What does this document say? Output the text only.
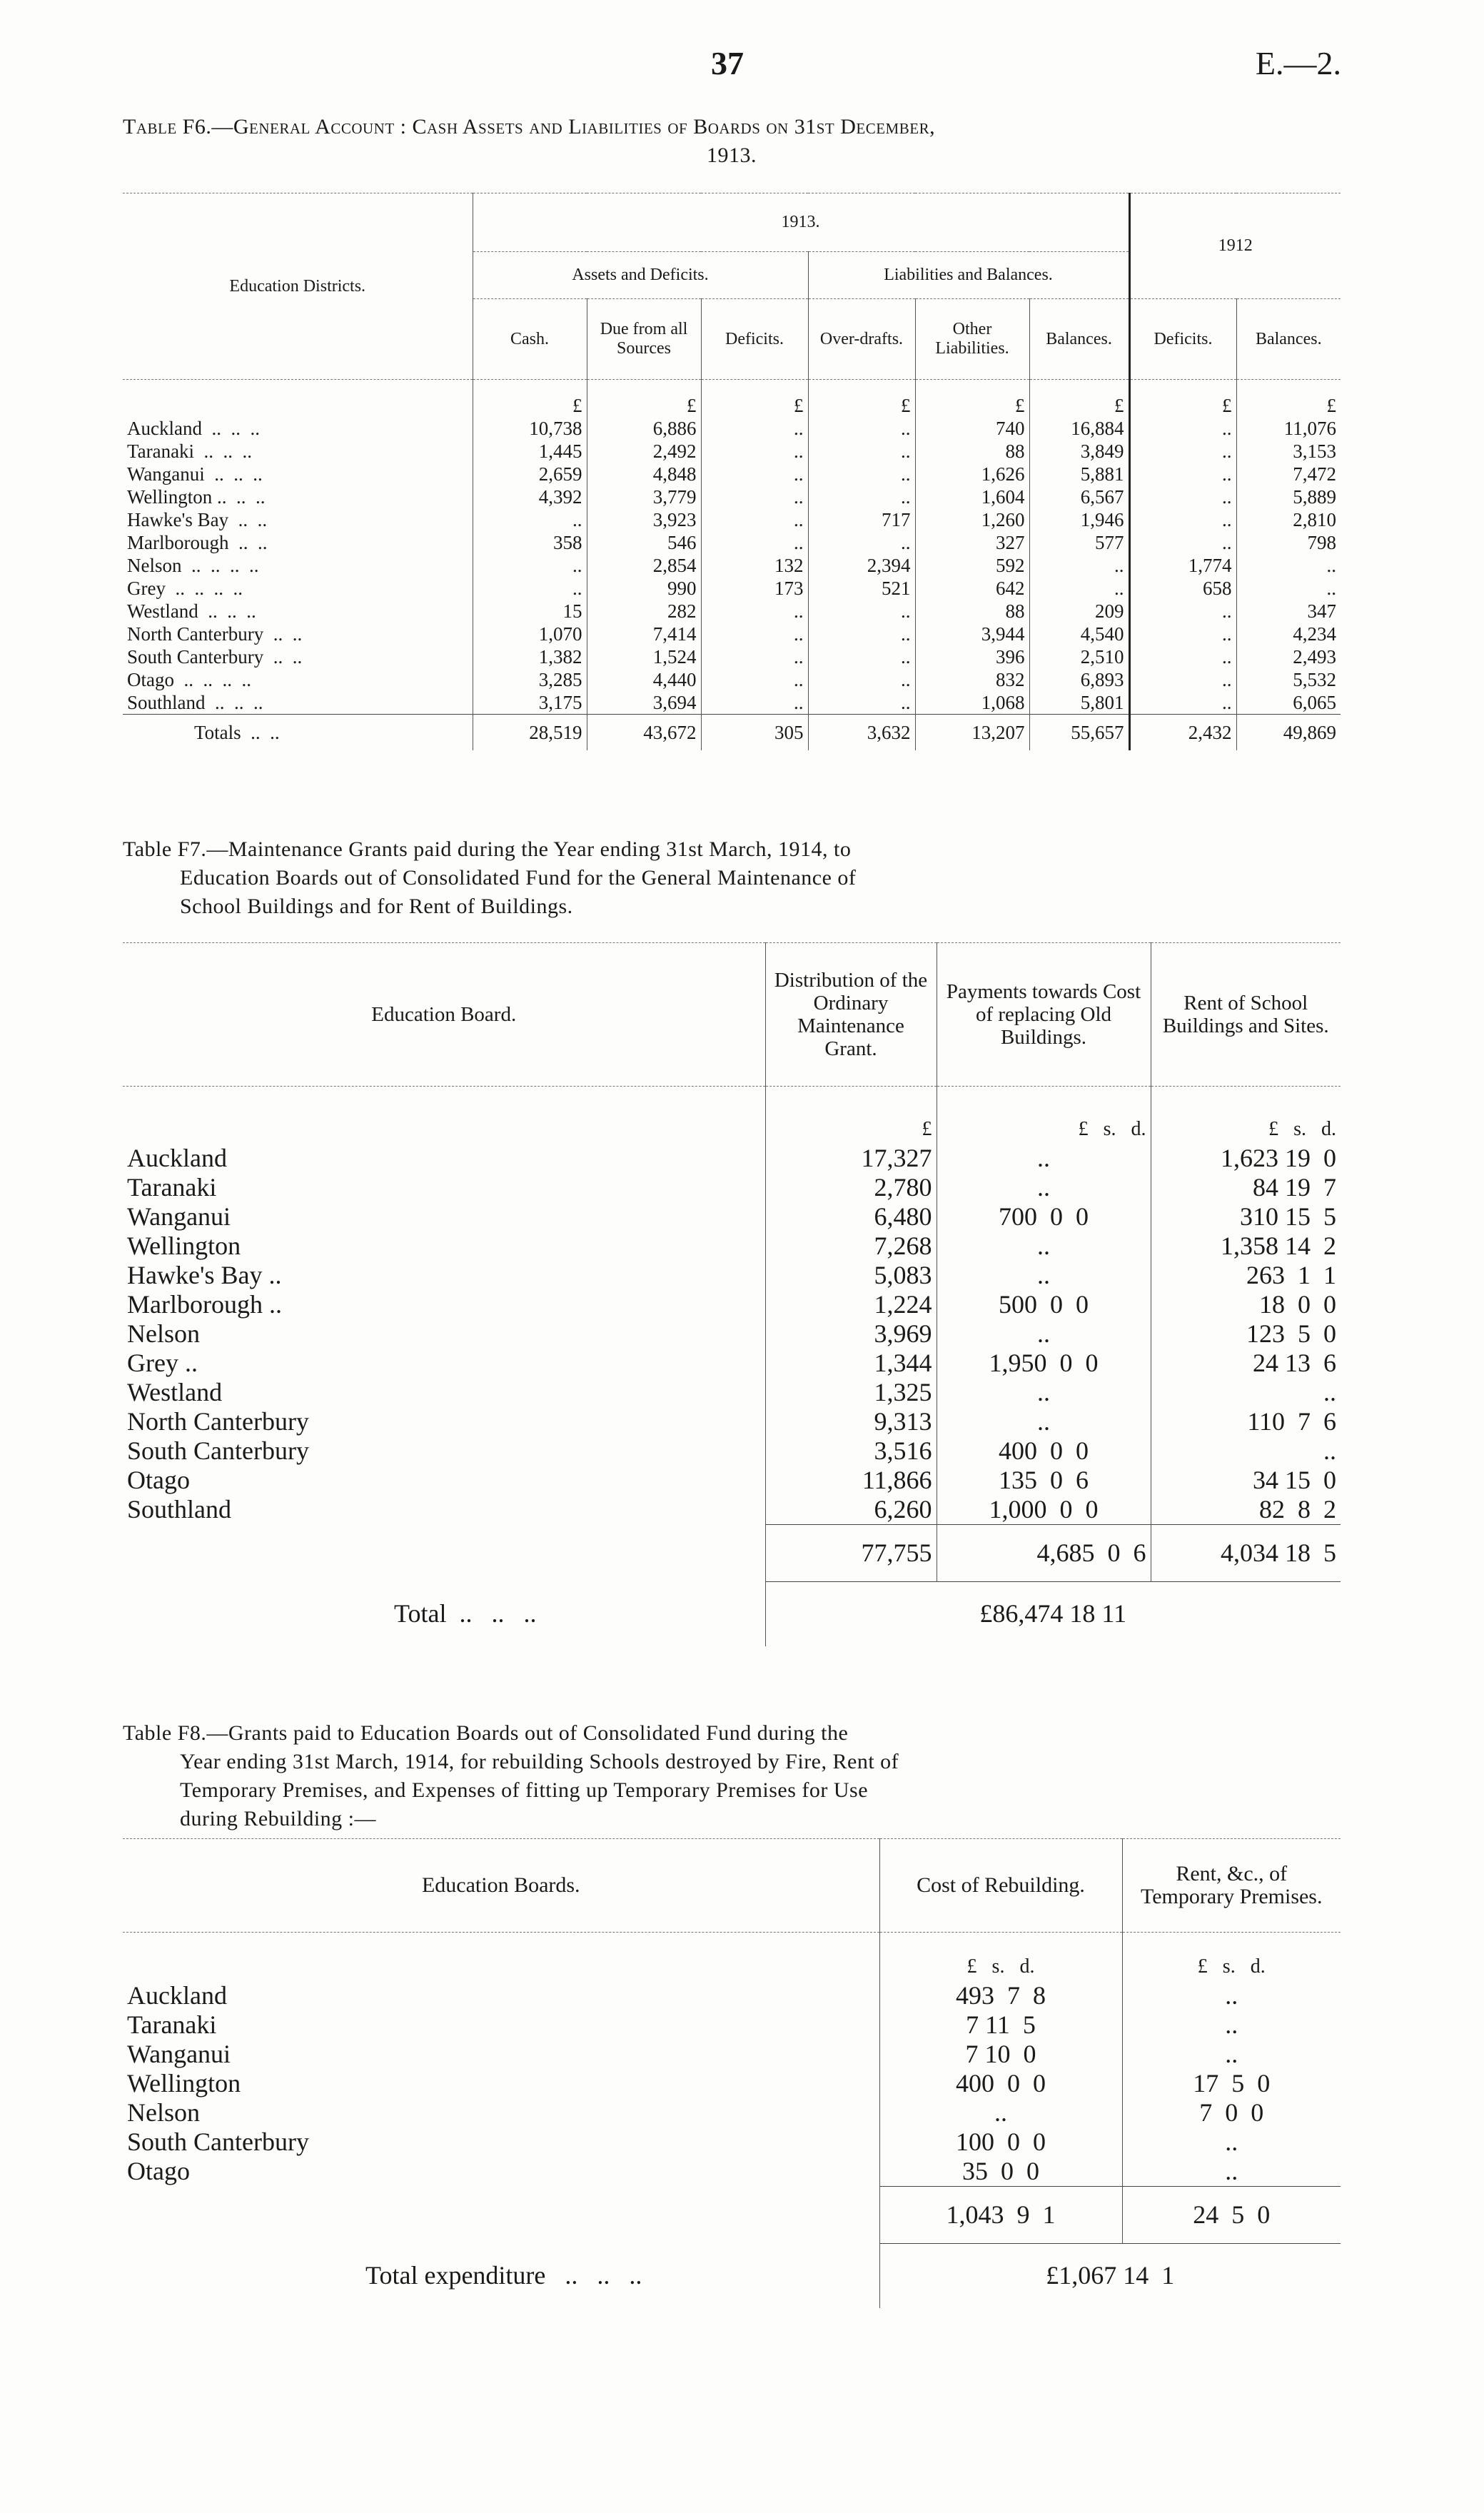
37	E.—2.
Table F6.—General Account : Cash Assets and Liabilities of Boards on 31st December,
1913.
Education Districts.	1913.						1912	
	Assets and Deficits.			Liabilities and Balances.				
	Cash.	Due from all Sources	Deficits.	Over-drafts.	Other Liabilities.	Balances.	Deficits.	Balances.
	£	£	£	£	£	£	£	£
Auckland  ..  ..  ..	10,738	6,886	..	..	740	16,884	..	11,076
Taranaki  ..  ..  ..	1,445	2,492	..	..	88	3,849	..	3,153
Wanganui  ..  ..  ..	2,659	4,848	..	..	1,626	5,881	..	7,472
Wellington ..  ..  ..	4,392	3,779	..	..	1,604	6,567	..	5,889
Hawke's Bay  ..  ..	..	3,923	..	717	1,260	1,946	..	2,810
Marlborough  ..  ..	358	546	..	..	327	577	..	798
Nelson  ..  ..  ..  ..	..	2,854	132	2,394	592	..	1,774	..
Grey  ..  ..  ..  ..	..	990	173	521	642	..	658	..
Westland  ..  ..  ..	15	282	..	..	88	209	..	347
North Canterbury  ..  ..	1,070	7,414	..	..	3,944	4,540	..	4,234
South Canterbury  ..  ..	1,382	1,524	..	..	396	2,510	..	2,493
Otago  ..  ..  ..  ..	3,285	4,440	..	..	832	6,893	..	5,532
Southland  ..  ..  ..	3,175	3,694	..	..	1,068	5,801	..	6,065
Totals  ..  ..	28,519	43,672	305	3,632	13,207	55,657	2,432	49,869
Table F7.—Maintenance Grants paid during the Year ending 31st March, 1914, to
Education Boards out of Consolidated Fund for the General Maintenance of
School Buildings and for Rent of Buildings.
Education Board.	Distribution of the Ordinary Maintenance Grant.	Payments towards Cost of replacing Old Buildings.	Rent of School Buildings and Sites.
	£	£   s.   d.	£   s.   d.
Auckland	17,327	..	1,623 19  0
Taranaki	2,780	..	84 19  7
Wanganui	6,480	700  0  0	310 15  5
Wellington	7,268	..	1,358 14  2
Hawke's Bay ..	5,083	..	263  1  1
Marlborough ..	1,224	500  0  0	18  0  0
Nelson	3,969	..	123  5  0
Grey ..	1,344	1,950  0  0	24 13  6
Westland	1,325	..	..
North Canterbury	9,313	..	110  7  6
South Canterbury	3,516	400  0  0	..
Otago	11,866	135  0  6	34 15  0
Southland	6,260	1,000  0  0	82  8  2
	77,755	4,685  0  6	4,034 18  5
Total  ..   ..   ..	£86,474 18 11		
Table F8.—Grants paid to Education Boards out of Consolidated Fund during the
Year ending 31st March, 1914, for rebuilding Schools destroyed by Fire, Rent of
Temporary Premises, and Expenses of fitting up Temporary Premises for Use
during Rebuilding :—
Education Boards.	Cost of Rebuilding.	Rent, &c., of Temporary Premises.
	£   s.   d.	£   s.   d.
Auckland	493  7  8	..
Taranaki	7 11  5	..
Wanganui	7 10  0	..
Wellington	400  0  0	17  5  0
Nelson	..	7  0  0
South Canterbury	100  0  0	..
Otago	35  0  0	..
	1,043  9  1	24  5  0
Total expenditure   ..   ..   ..	£1,067 14  1	
